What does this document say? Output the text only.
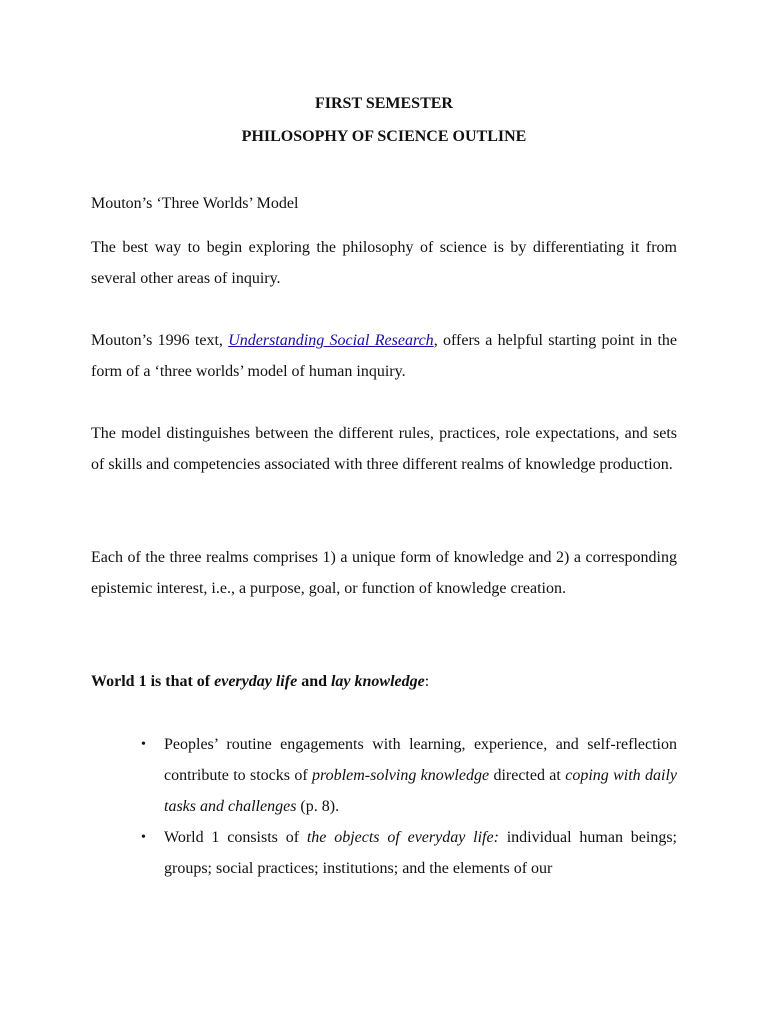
FIRST SEMESTER
PHILOSOPHY OF SCIENCE OUTLINE

Mouton’s ‘Three Worlds’ Model

The best way to begin exploring the philosophy of science is by differentiating it from several other areas of inquiry.

Mouton’s 1996 text, Understanding Social Research, offers a helpful starting point in the form of a ‘three worlds’ model of human inquiry.

The model distinguishes between the different rules, practices, role expectations, and sets of skills and competencies associated with three different realms of knowledge production.

Each of the three realms comprises 1) a unique form of knowledge and 2) a corresponding epistemic interest, i.e., a purpose, goal, or function of knowledge creation.

World 1 is that of everyday life and lay knowledge:

• Peoples’ routine engagements with learning, experience, and self-reflection contribute to stocks of problem-solving knowledge directed at coping with daily tasks and challenges (p. 8).
• World 1 consists of the objects of everyday life: individual human beings; groups; social practices; institutions; and the elements of our
